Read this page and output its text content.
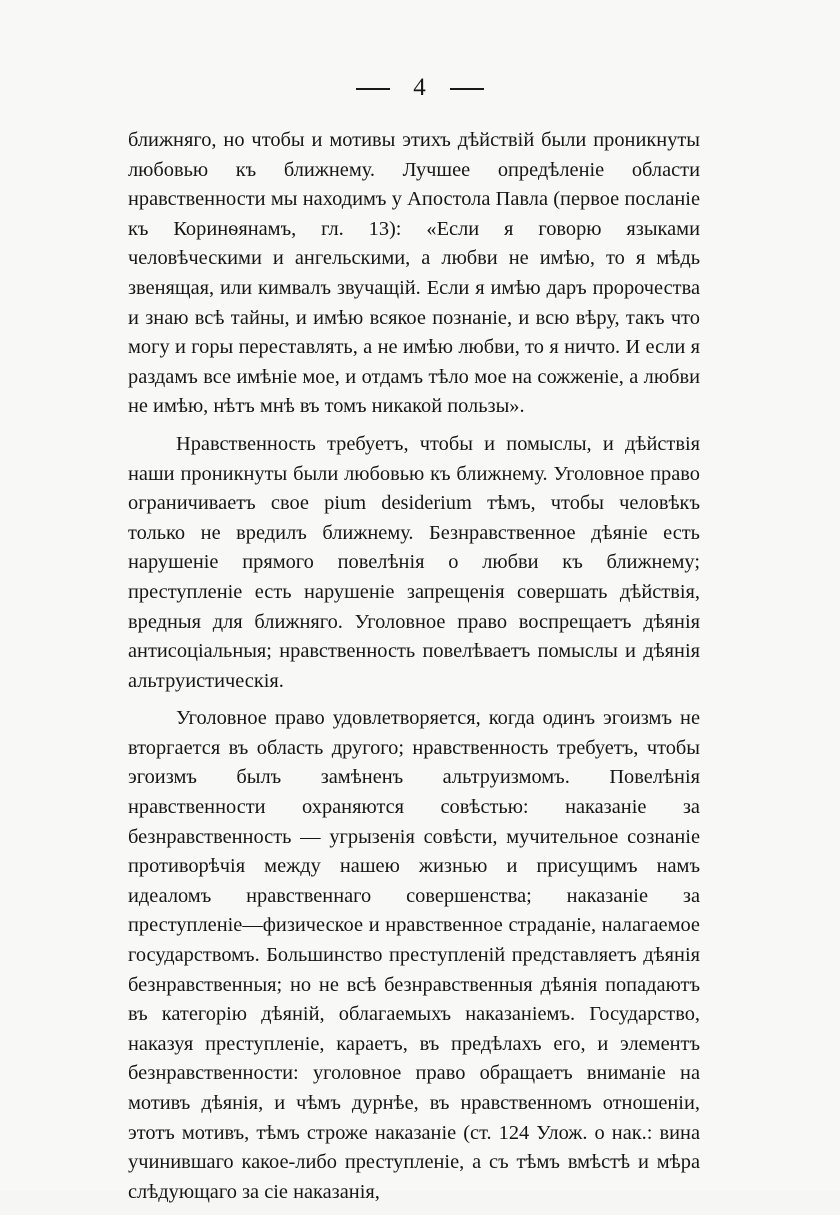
4

ближняго, но чтобы и мотивы этихъ дѣйствій были проникнуты любовью къ ближнему. Лучшее опредѣленіе области нравственности мы находимъ у Апостола Павла (первое посланіе къ Коринѳянамъ, гл. 13): «Если я говорю языками человѣческими и ангельскими, а любви не имѣю, то я мѣдь звенящая, или кимвалъ звучащій. Если я имѣю даръ пророчества и знаю всѣ тайны, и имѣю всякое познаніе, и всю вѣру, такъ что могу и горы переставлять, а не имѣю любви, то я ничто. И если я раздамъ все имѣніе мое, и отдамъ тѣло мое на сожженіе, а любви не имѣю, нѣтъ мнѣ въ томъ никакой пользы».

Нравственность требуетъ, чтобы и помыслы, и дѣйствія наши проникнуты были любовью къ ближнему. Уголовное право ограничиваетъ свое pium desiderium тѣмъ, чтобы человѣкъ только не вредилъ ближнему. Безнравственное дѣяніе есть нарушеніе прямого повелѣнія о любви къ ближнему; преступленіе есть нарушеніе запрещенія совершать дѣйствія, вредныя для ближняго. Уголовное право воспрещаетъ дѣянія антисоціальныя; нравственность повелѣваетъ помыслы и дѣянія альтруистическія.

Уголовное право удовлетворяется, когда одинъ эгоизмъ не вторгается въ область другого; нравственность требуетъ, чтобы эгоизмъ былъ замѣненъ альтруизмомъ. Повелѣнія нравственности охраняются совѣстью: наказаніе за безнравственность — угрызенія совѣсти, мучительное сознаніе противорѣчія между нашею жизнью и присущимъ намъ идеаломъ нравственнаго совершенства; наказаніе за преступленіе—физическое и нравственное страданіе, налагаемое государствомъ. Большинство преступленій представляетъ дѣянія безнравственныя; но не всѣ безнравственныя дѣянія попадаютъ въ категорію дѣяній, облагаемыхъ наказаніемъ. Государство, наказуя преступленіе, караетъ, въ предѣлахъ его, и элементъ безнравственности: уголовное право обращаетъ вниманіе на мотивъ дѣянія, и чѣмъ дурнѣе, въ нравственномъ отношеніи, этотъ мотивъ, тѣмъ строже наказаніе (ст. 124 Улож. о нак.: вина учинившаго какое-либо преступленіе, а съ тѣмъ вмѣстѣ и мѣра слѣдующаго за сіе наказанія,
